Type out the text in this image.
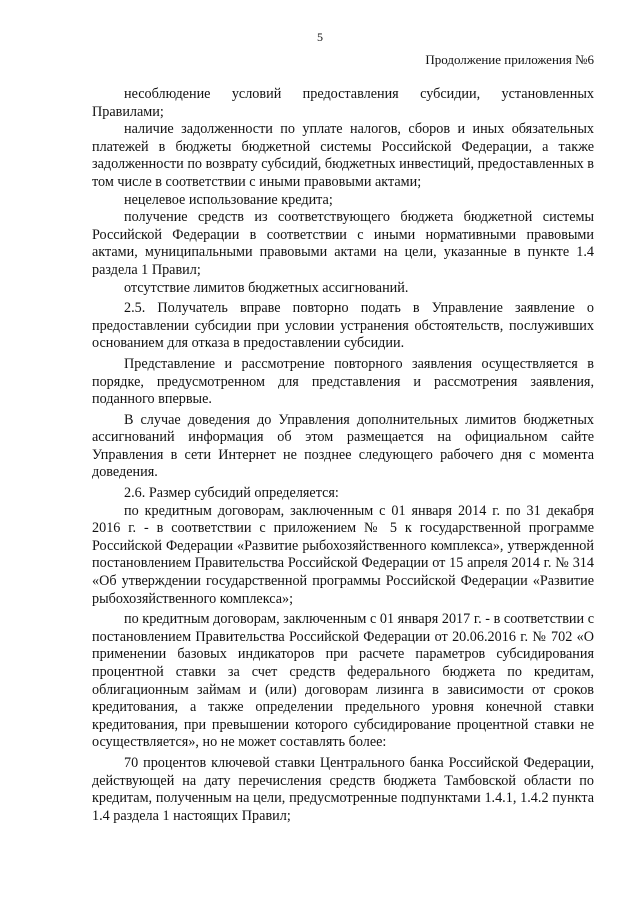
5
Продолжение приложения №6

несоблюдение условий предоставления субсидии, установленных Правилами;

наличие задолженности по уплате налогов, сборов и иных обязательных платежей в бюджеты бюджетной системы Российской Федерации, а также задолженности по возврату субсидий, бюджетных инвестиций, предоставленных в том числе в соответствии с иными правовыми актами;

нецелевое использование кредита;

получение средств из соответствующего бюджета бюджетной системы Российской Федерации в соответствии с иными нормативными правовыми актами, муниципальными правовыми актами на цели, указанные в пункте 1.4 раздела 1 Правил;

отсутствие лимитов бюджетных ассигнований.

2.5. Получатель вправе повторно подать в Управление заявление о предоставлении субсидии при условии устранения обстоятельств, послуживших основанием для отказа в предоставлении субсидии.

Представление и рассмотрение повторного заявления осуществляется в порядке, предусмотренном для представления и рассмотрения заявления, поданного впервые.

В случае доведения до Управления дополнительных лимитов бюджетных ассигнований информация об этом размещается на официальном сайте Управления в сети Интернет не позднее следующего рабочего дня с момента доведения.

2.6. Размер субсидий определяется:

по кредитным договорам, заключенным с 01 января 2014 г. по 31 декабря 2016 г. - в соответствии с приложением № 5 к государственной программе Российской Федерации «Развитие рыбохозяйственного комплекса», утвержденной постановлением Правительства Российской Федерации от 15 апреля 2014 г. № 314 «Об утверждении государственной программы Российской Федерации «Развитие рыбохозяйственного комплекса»;

по кредитным договорам, заключенным с 01 января 2017 г. - в соответствии с постановлением Правительства Российской Федерации от 20.06.2016 г. № 702 «О применении базовых индикаторов при расчете параметров субсидирования процентной ставки за счет средств федерального бюджета по кредитам, облигационным займам и (или) договорам лизинга в зависимости от сроков кредитования, а также определении предельного уровня конечной ставки кредитования, при превышении которого субсидирование процентной ставки не осуществляется», но не может составлять более:

70 процентов ключевой ставки Центрального банка Российской Федерации, действующей на дату перечисления средств бюджета Тамбовской области по кредитам, полученным на цели, предусмотренные подпунктами 1.4.1, 1.4.2 пункта 1.4 раздела 1 настоящих Правил;
